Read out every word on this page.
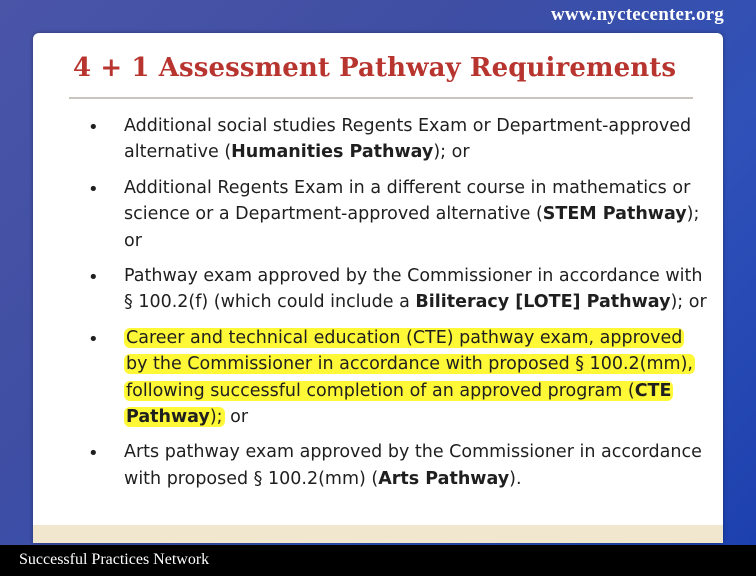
www.nyctecenter.org
4 + 1 Assessment Pathway Requirements
• Additional social studies Regents Exam or Department-approved alternative (Humanities Pathway); or
• Additional Regents Exam in a different course in mathematics or science or a Department-approved alternative (STEM Pathway); or
• Pathway exam approved by the Commissioner in accordance with § 100.2(f) (which could include a Biliteracy [LOTE] Pathway); or
• Career and technical education (CTE) pathway exam, approved by the Commissioner in accordance with proposed § 100.2(mm), following successful completion of an approved program (CTE Pathway); or
• Arts pathway exam approved by the Commissioner in accordance with proposed § 100.2(mm) (Arts Pathway).
Successful Practices Network
